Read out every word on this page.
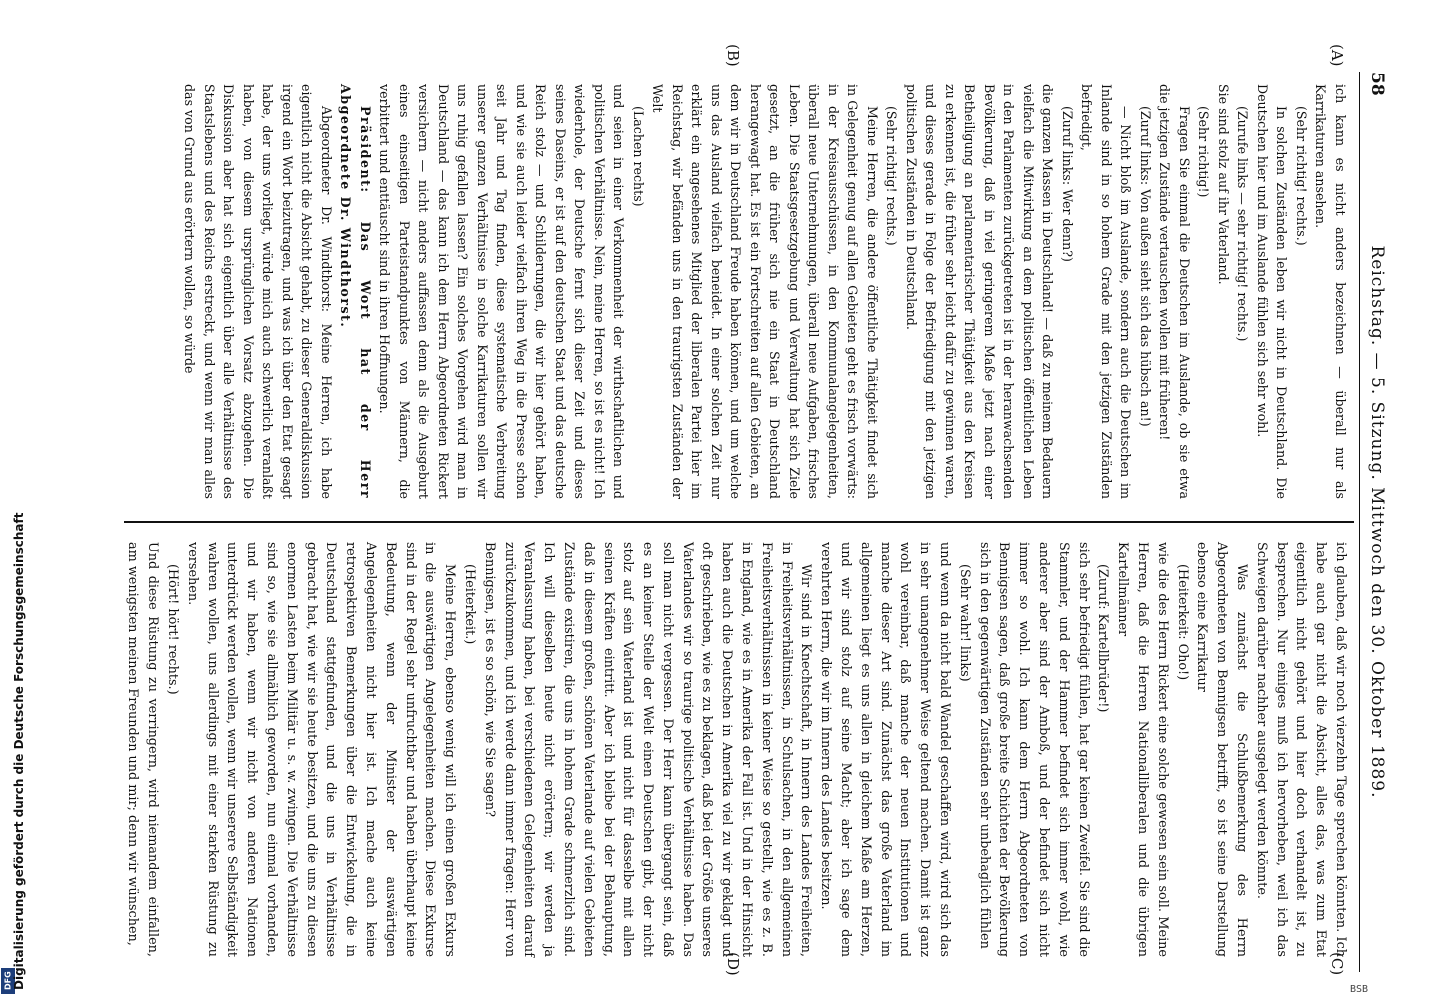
58
Reichstag. — 5. Sitzung. Mittwoch den 30. Oktober 1889.
(A)
(B)
(C)
(D)

ich kann es nicht anders bezeichnen — überall nur als Karrikaturen ansehen.

(Sehr richtig! rechts.)

In solchen Zuständen leben wir nicht in Deutschland. Die Deutschen hier und im Auslande fühlen sich sehr wohl.

(Zurufe links — sehr richtig! rechts.)

Sie sind stolz auf ihr Vaterland.

(Sehr richtig!)

Fragen Sie einmal die Deutschen im Auslande, ob sie etwa die jetzigen Zustände vertauschen wollen mit früheren!

(Zuruf links: Von außen sieht sich das hübsch an!)

— Nicht bloß im Auslande, sondern auch die Deutschen im Inlande sind in so hohem Grade mit den jetzigen Zuständen befriedigt,

(Zuruf links: Wer denn?)

die ganzen Massen in Deutschland! — daß zu meinem Bedauern vielfach die Mitwirkung an dem politischen öffentlichen Leben in den Parlamenten zurückgetreten ist in der heranwachsenden Bevölkerung, daß in viel geringerem Maße jetzt nach einer Betheiligung an parlamentarischer Thätigkeit aus den Kreisen zu erkennen ist, die früher sehr leicht dafür zu gewinnen waren, und dieses gerade in Folge der Befriedigung mit den jetzigen politischen Zuständen in Deutschland.

(Sehr richtig! rechts.)

Meine Herren, die andere öffentliche Thätigkeit findet sich in Gelegenheit genug auf allen Gebieten geht es frisch vorwärts: in der Kreisausschüssen, in den Kommunalangelegenheiten, überall neue Unternehmungen, überall neue Aufgaben, frisches Leben. Die Staatsgesetzgebung und Verwaltung hat sich Ziele gesetzt, an die früher sich nie ein Staat in Deutschland herangewagt hat. Es ist ein Fortschreiten auf allen Gebieten, an dem wir in Deutschland Freude haben können, und um welche uns das Ausland vielfach beneidet. In einer solchen Zeit nur erklärt ein angesehenes Mitglied der liberalen Partei hier im Reichstag, wir befänden uns in den traurigsten Zuständen der Welt

(Lachen rechts)

und seien in einer Verkommenheit der wirthschaftlichen und politischen Verhältnisse. Nein, meine Herren, so ist es nicht! Ich wiederhole, der Deutsche fernt sich dieser Zeit und dieses seines Daseins, er ist auf den deutschen Staat und das deutsche Reich stolz — und Schilderungen, die wir hier gehört haben, und wie sie auch leider vielfach ihren Weg in die Presse schon seit Jahr und Tag finden, diese systematische Verbreitung unserer ganzen Verhältnisse in solche Karrikaturen sollen wir uns ruhig gefallen lassen? Ein solches Vorgehen wird man in Deutschland — das kann ich dem Herrn Abgeordneten Rickert versichern — nicht anders auffassen denn als die Ausgeburt eines einseitigen Parteistandpunktes von Männern, die verbittert und enttäuscht sind in ihren Hoffnungen.

Präsident: Das Wort hat der Herr Abgeordnete Dr. Windthorst.

Abgeordneter Dr. Windthorst: Meine Herren, ich habe eigentlich nicht die Absicht gehabt, zu dieser Generaldiskussion irgend ein Wort beizutragen, und was ich über den Etat gesagt habe, der uns vorliegt, würde mich auch schwerlich veranlaßt haben, von diesem ursprünglichen Vorsatz abzugehen. Die Diskussion aber hat sich eigentlich über alle Verhältnisse des Staatslebens und des Reichs erstreckt, und wenn wir man alles das von Grund aus erörtern wollen, so würde

ich glauben, daß wir noch vierzehn Tage sprechen könnten. Ich habe auch gar nicht die Absicht, alles das, was zum Etat eigentlich nicht gehört und hier doch verhandelt ist, zu besprechen. Nur einiges muß ich hervorheben, weil ich das Schweigen darüber nachher ausgelegt werden könnte.

Was zunächst die Schlußbemerkung des Herrn Abgeordneten von Bennigsen betrifft, so ist seine Darstellung ebenso eine Karrikatur

(Heiterkeit: Oho!)

wie die des Herrn Rickert eine solche gewesen sein soll. Meine Herren, daß die Herren Nationalliberalen und die übrigen Kartellmänner

(Zuruf: Kartellbrüder!)

sich sehr befriedigt fühlen, hat gar keinen Zweifel. Sie sind die Stammler, und der Hammer befindet sich immer wohl, wie anderer aber sind der Amboß, und der befindet sich nicht immer so wohl. Ich kann dem Herrn Abgeordneten von Bennigsen sagen, daß große breite Schichten der Bevölkerung sich in den gegenwärtigen Zuständen sehr unbehaglich fühlen

(Sehr wahr! links)

und wenn da nicht bald Wandel geschaffen wird, wird sich das in sehr unangenehmer Weise geltend machen. Damit ist ganz wohl vereinbar, daß manche der neuen Institutionen und manche dieser Art sind. Zunächst das große Vaterland im allgemeinen liegt es uns allen in gleichem Maße am Herzen, und wir sind stolz auf seine Macht; aber ich sage dem verehrten Herrn, die wir im Innern des Landes besitzen.

Wir sind in Knechtschaft, in Innern des Landes Freiheiten, in Freiheitsverhältnissen, in Schulsachen, in den allgemeinen Freiheitsverhältnissen in keiner Weise so gestellt, wie es z. B. in England, wie es in Amerika der Fall ist. Und in der Hinsicht haben auch die Deutschen in Amerika viel zu wir geklagt und oft geschrieben, wie es zu beklagen, daß bei der Größe unseres Vaterlandes wir so traurige politische Verhältnisse haben. Das soll man nicht vergessen. Der Herr kann übergangt sein, daß es an keiner Stelle der Welt einen Deutschen gibt, der nicht stolz auf sein Vaterland ist und nicht für dasselbe mit allen seinen Kräften eintritt. Aber ich bleibe bei der Behauptung, daß in diesem großen, schönen Vaterlande auf vielen Gebieten Zustände existiren, die uns in hohem Grade schmerzlich sind. Ich will dieselben heute nicht erörtern; wir werden ja Veranlassung haben, bei verschiedenen Gelegenheiten darauf zurückzukommen, und ich werde dann immer fragen: Herr von Bennigsen, ist es so schön, wie Sie sagen?

(Heiterkeit.)

Meine Herren, ebenso wenig will ich einen großen Exkurs in die auswärtigen Angelegenheiten machen. Diese Exkurse sind in der Regel sehr unfruchtbar und haben überhaupt keine Bedeutung, wenn der Minister der auswärtigen Angelegenheiten nicht hier ist. Ich mache auch keine retrospektiven Bemerkungen über die Entwickelung, die in Deutschland stattgefunden, und die uns in Verhältnisse gebracht hat, wie wir sie heute besitzen, und die uns zu diesen enormen Lasten beim Militär u. s. w. zwingen. Die Verhältnisse sind so, wie sie allmählich geworden, nun einmal vorhanden, und wir haben, wenn wir nicht von anderen Nationen unterdrückt werden wollen, wenn wir unserere Selbständigkeit wahren wollen, uns allerdings mit einer starken Rüstung zu versehen.

(Hört! hört! rechts.)

Und diese Rüstung zu verringern, wird niemandem einfallen, am wenigsten meinen Freunden und mir; denn wir wünschen,

DFG Digitalisierung gefördert durch die Deutsche Forschungsgemeinschaft	BSB
